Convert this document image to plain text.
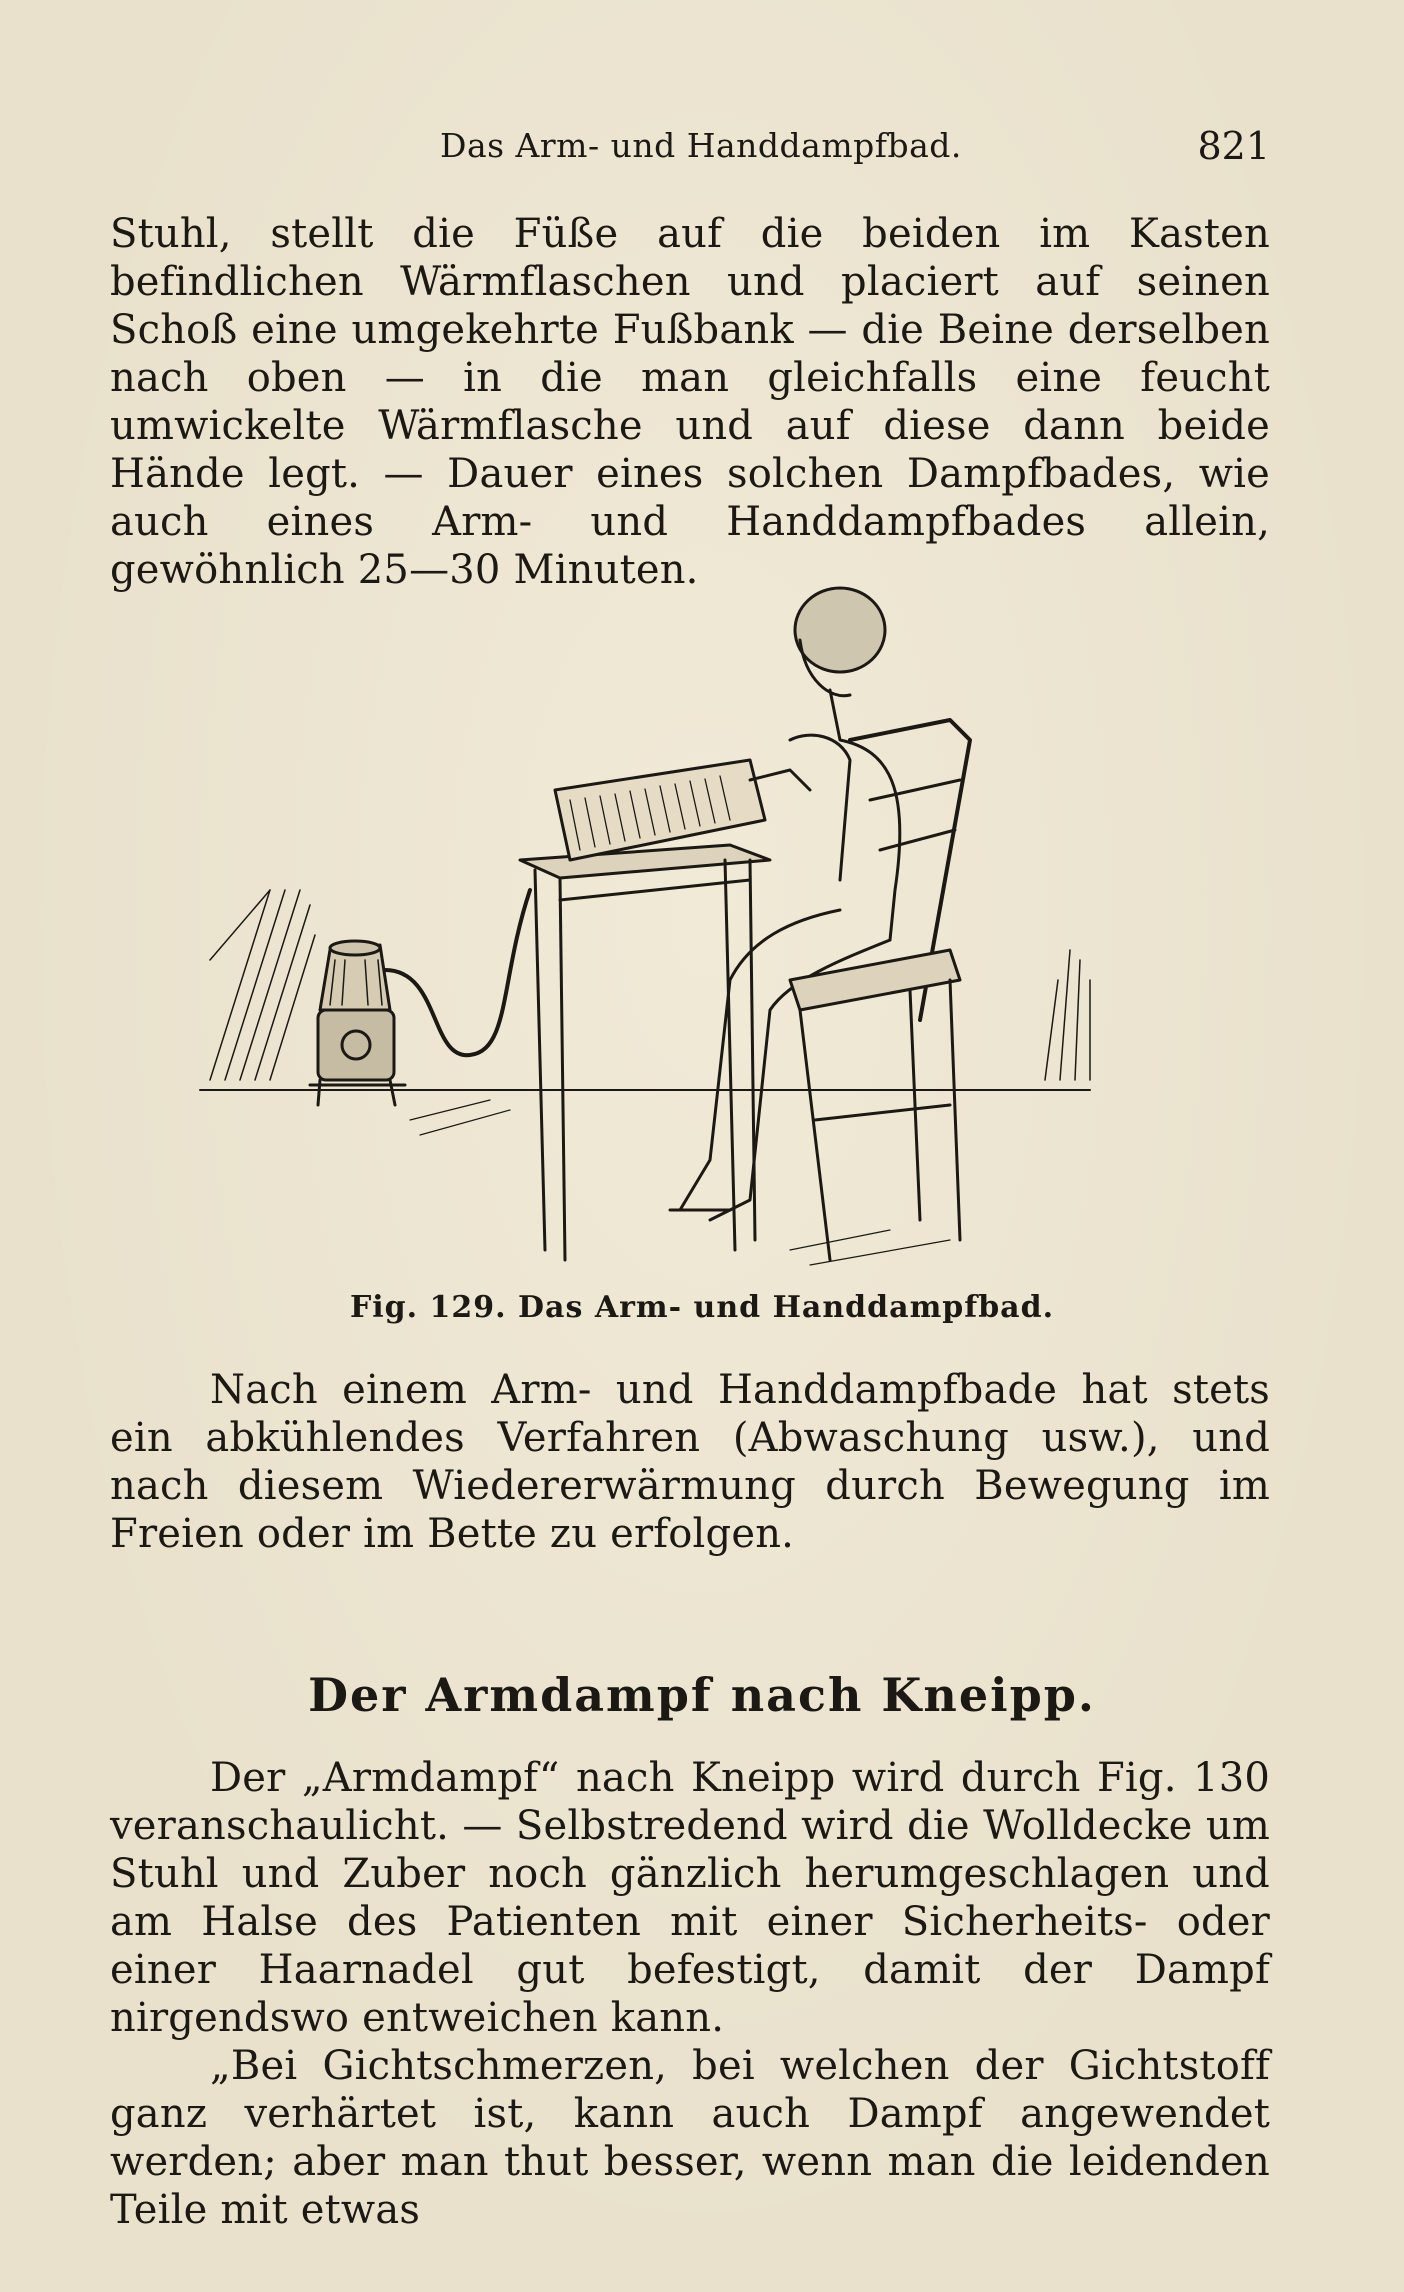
Das Arm- und Handdampfbad.	821

Stuhl, stellt die Füße auf die beiden im Kasten befindlichen Wärmflaschen und placiert auf seinen Schoß eine umgekehrte Fußbank — die Beine derselben nach oben — in die man gleichfalls eine feucht umwickelte Wärmflasche und auf diese dann beide Hände legt. — Dauer eines solchen Dampfbades, wie auch eines Arm- und Handdampfbades allein, gewöhnlich 25—30 Minuten.

Fig. 129. Das Arm- und Handdampfbad.

Nach einem Arm- und Handdampfbade hat stets ein abkühlendes Verfahren (Abwaschung usw.), und nach diesem Wiedererwärmung durch Bewegung im Freien oder im Bette zu erfolgen.

Der Armdampf nach Kneipp.

Der „Armdampf“ nach Kneipp wird durch Fig. 130 veranschaulicht. — Selbstredend wird die Wolldecke um Stuhl und Zuber noch gänzlich herumgeschlagen und am Halse des Patienten mit einer Sicherheits- oder einer Haarnadel gut befestigt, damit der Dampf nirgendswo entweichen kann.

„Bei Gichtschmerzen, bei welchen der Gichtstoff ganz verhärtet ist, kann auch Dampf angewendet werden; aber man thut besser, wenn man die leidenden Teile mit etwas
